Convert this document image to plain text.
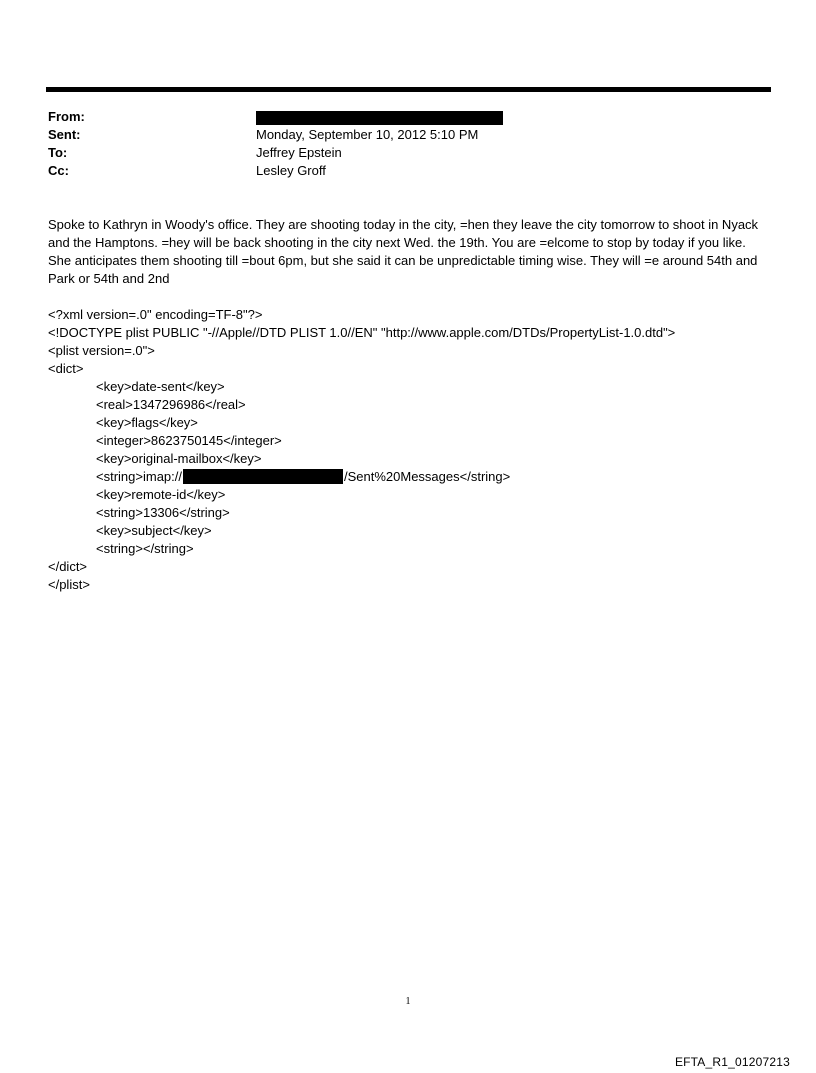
From:
Sent:	Monday, September 10, 2012 5:10 PM
To:	Jeffrey Epstein
Cc:	Lesley Groff
Spoke to Kathryn in Woody's office. They are shooting today in the city, =hen they leave the city tomorrow to shoot in Nyack and the Hamptons. =hey will be back shooting in the city next Wed. the 19th. You are =elcome to stop by today if you like. She anticipates them shooting till =bout 6pm, but she said it can be unpredictable timing wise. They will =e around 54th and Park or 54th and 2nd
<?xml version=.0" encoding=TF-8"?>
<!DOCTYPE plist PUBLIC "-//Apple//DTD PLIST 1.0//EN" "http://www.apple.com/DTDs/PropertyList-1.0.dtd">
<plist version=.0">
<dict>
<key>date-sent</key>
<real>1347296986</real>
<key>flags</key>
<integer>8623750145</integer>
<key>original-mailbox</key>
<string>imap://	/Sent%20Messages</string>
<key>remote-id</key>
<string>13306</string>
<key>subject</key>
<string></string>
</dict>
</plist>
1
EFTA_R1_01207213
